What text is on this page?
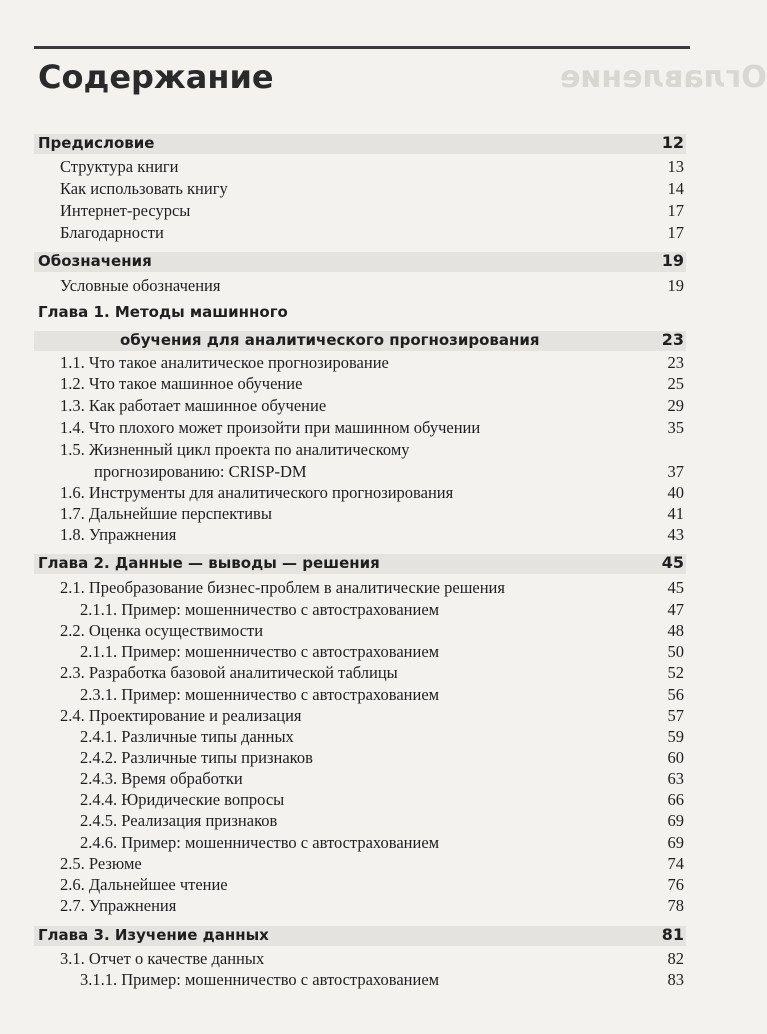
Оглавление
Содержание
Предисловие	12
Структура книги	13
Как использовать книгу	14
Интернет-ресурсы	17
Благодарности	17
Обозначения	19
Условные обозначения	19
Глава 1. Методы машинного
обучения для аналитического прогнозирования	23
1.1. Что такое аналитическое прогнозирование	23
1.2. Что такое машинное обучение	25
1.3. Как работает машинное обучение	29
1.4. Что плохого может произойти при машинном обучении	35
1.5. Жизненный цикл проекта по аналитическому
прогнозированию: CRISP-DM	37
1.6. Инструменты для аналитического прогнозирования	40
1.7. Дальнейшие перспективы	41
1.8. Упражнения	43
Глава 2. Данные — выводы — решения	45
2.1. Преобразование бизнес-проблем в аналитические решения	45
2.1.1. Пример: мошенничество с автострахованием	47
2.2. Оценка осуществимости	48
2.1.1. Пример: мошенничество с автострахованием	50
2.3. Разработка базовой аналитической таблицы	52
2.3.1. Пример: мошенничество с автострахованием	56
2.4. Проектирование и реализация	57
2.4.1. Различные типы данных	59
2.4.2. Различные типы признаков	60
2.4.3. Время обработки	63
2.4.4. Юридические вопросы	66
2.4.5. Реализация признаков	69
2.4.6. Пример: мошенничество с автострахованием	69
2.5. Резюме	74
2.6. Дальнейшее чтение	76
2.7. Упражнения	78
Глава 3. Изучение данных	81
3.1. Отчет о качестве данных	82
3.1.1. Пример: мошенничество с автострахованием	83
